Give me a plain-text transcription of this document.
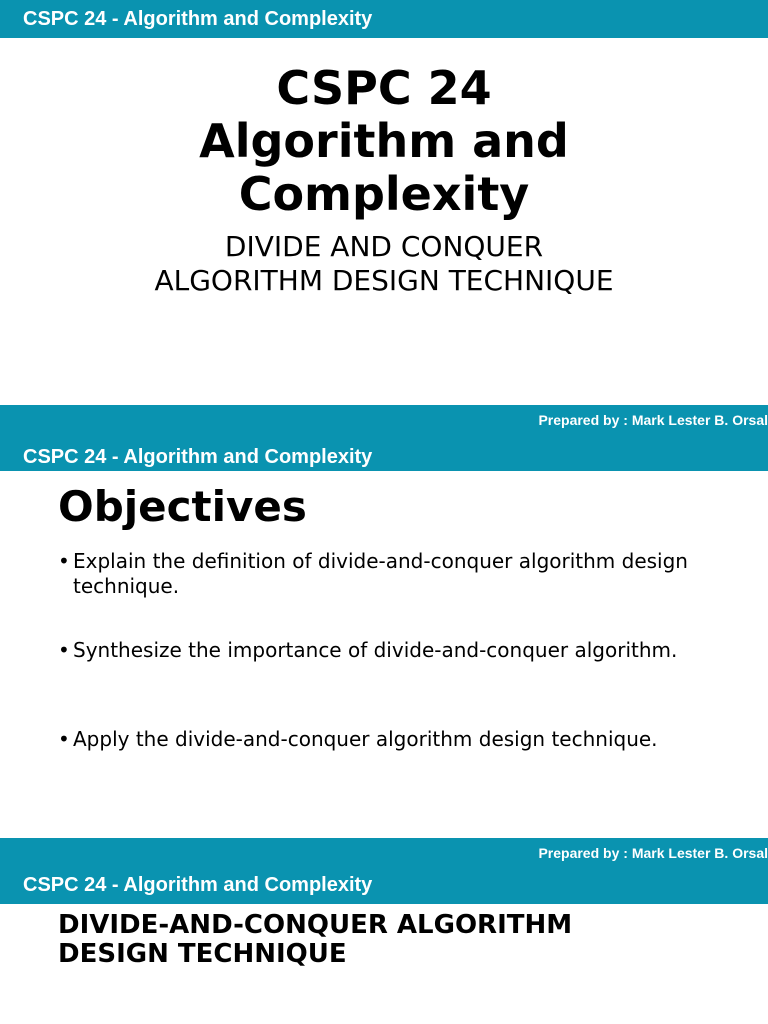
CSPC 24 - Algorithm and Complexity
CSPC 24
Algorithm and
Complexity
DIVIDE AND CONQUER
ALGORITHM DESIGN TECHNIQUE
Prepared by : Mark Lester B. Orsal
CSPC 24 - Algorithm and Complexity
Objectives
• Explain the definition of divide-and-conquer algorithm design technique.
• Synthesize the importance of divide-and-conquer algorithm.
• Apply the divide-and-conquer algorithm design technique.
Prepared by : Mark Lester B. Orsal
CSPC 24 - Algorithm and Complexity
DIVIDE-AND-CONQUER ALGORITHM
DESIGN TECHNIQUE
